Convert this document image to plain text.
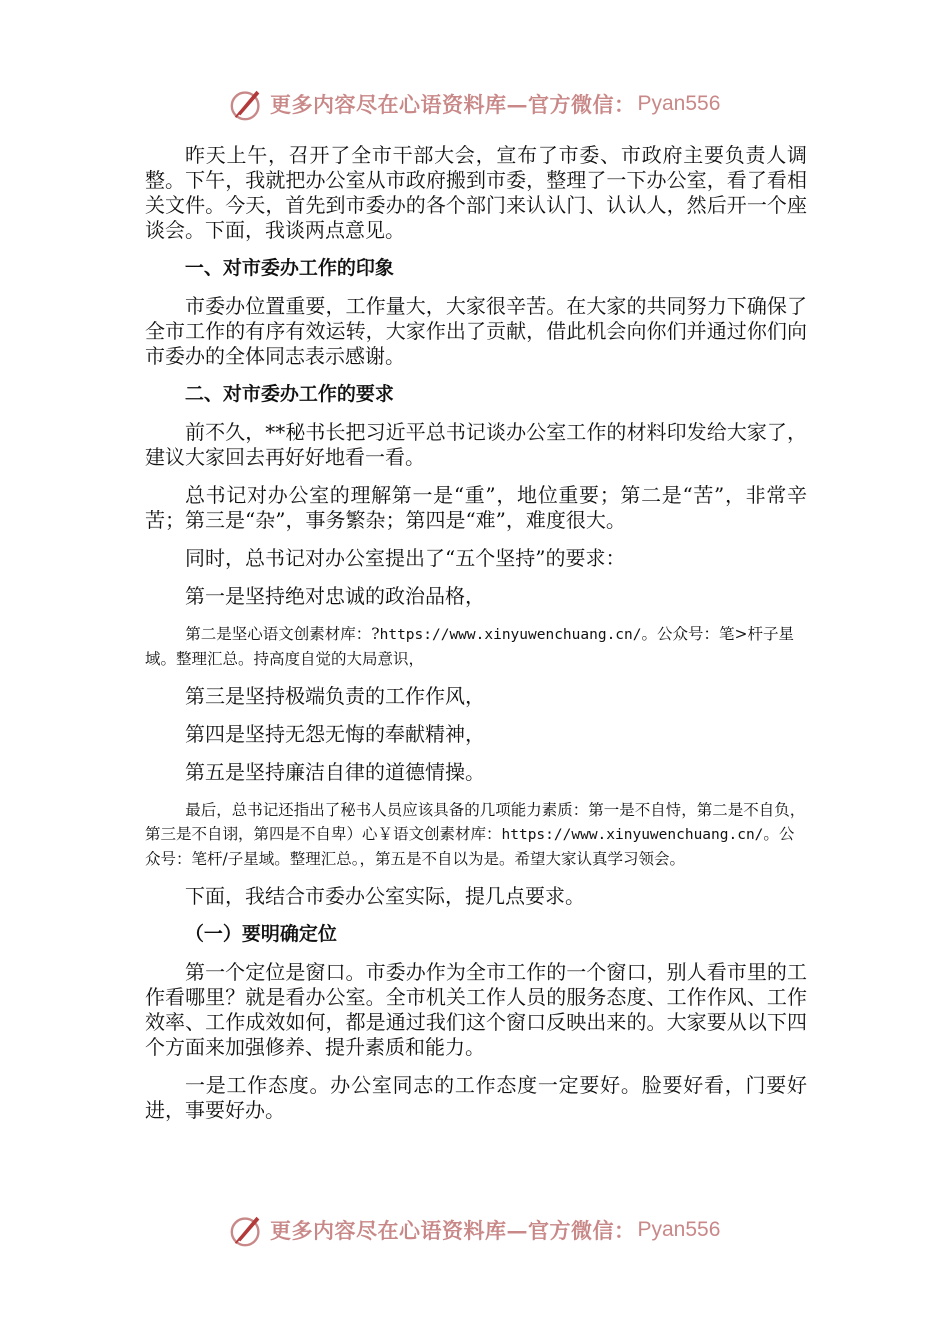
更多内容尽在心语资料库—官方微信： Pyan556

昨天上午，召开了全市干部大会，宣布了市委、市政府主要负责人调整。下午，我就把办公室从市政府搬到市委，整理了一下办公室，看了看相关文件。今天，首先到市委办的各个部门来认认门、认认人，然后开一个座谈会。下面，我谈两点意见。

一、对市委办工作的印象

市委办位置重要，工作量大，大家很辛苦。在大家的共同努力下确保了全市工作的有序有效运转，大家作出了贡献，借此机会向你们并通过你们向市委办的全体同志表示感谢。

二、对市委办工作的要求

前不久，**秘书长把习近平总书记谈办公室工作的材料印发给大家了，建议大家回去再好好地看一看。

总书记对办公室的理解第一是“重”，地位重要；第二是“苦”，非常辛苦；第三是“杂”，事务繁杂；第四是“难”，难度很大。

同时，总书记对办公室提出了“五个坚持”的要求：

第一是坚持绝对忠诚的政治品格，

第二是坚心语文创素材库：?https://www.xinyuwenchuang.cn/。公众号：笔>杆子星域。整理汇总。持高度自觉的大局意识，

第三是坚持极端负责的工作作风，

第四是坚持无怨无悔的奉献精神，

第五是坚持廉洁自律的道德情操。

最后，总书记还指出了秘书人员应该具备的几项能力素质：第一是不自恃，第二是不自负，第三是不自诩，第四是不自卑）心￥语文创素材库：https://www.xinyuwenchuang.cn/。公众号：笔杆/子星域。整理汇总。，第五是不自以为是。希望大家认真学习领会。

下面，我结合市委办公室实际，提几点要求。

（一）要明确定位

第一个定位是窗口。市委办作为全市工作的一个窗口，别人看市里的工作看哪里？就是看办公室。全市机关工作人员的服务态度、工作作风、工作效率、工作成效如何，都是通过我们这个窗口反映出来的。大家要从以下四个方面来加强修养、提升素质和能力。

一是工作态度。办公室同志的工作态度一定要好。脸要好看，门要好进，事要好办。

更多内容尽在心语资料库—官方微信： Pyan556
